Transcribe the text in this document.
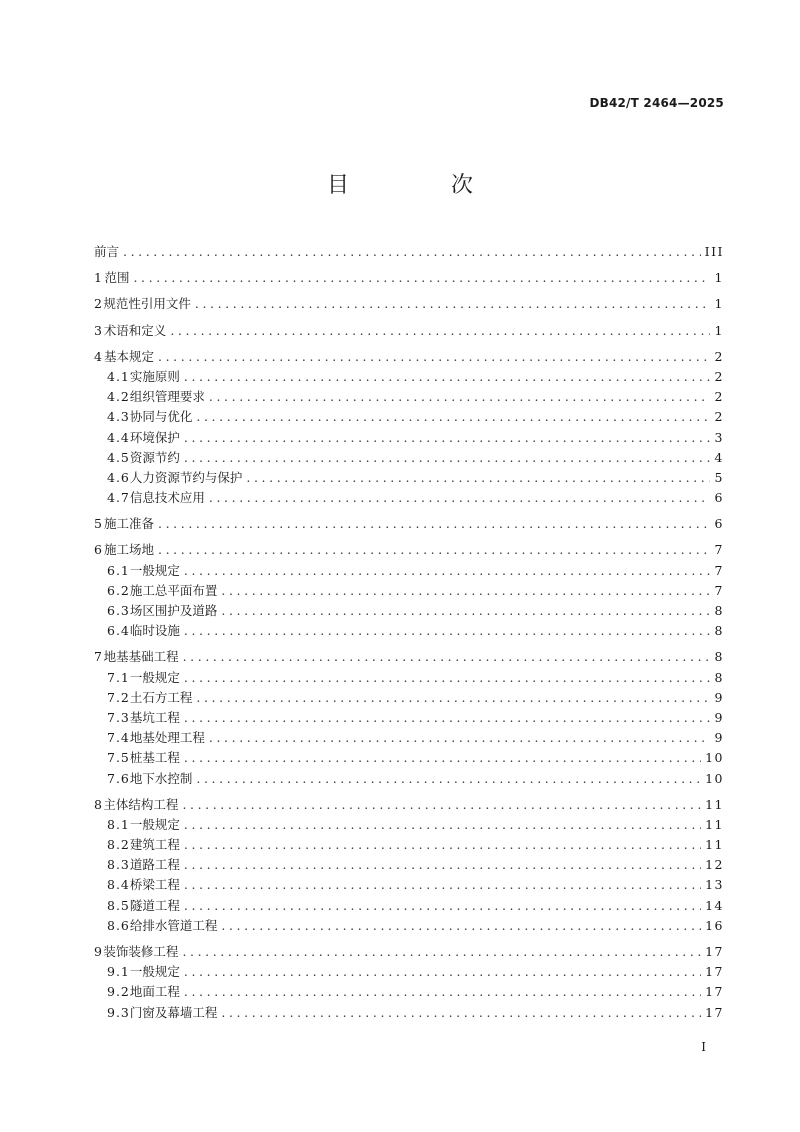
DB42/T 2464—2025
目　次
前言 .....	III
1 范围 .....	1
2 规范性引用文件 .....	1
3 术语和定义 .....	1
4 基本规定 .....	2
4.1 实施原则 .....	2
4.2 组织管理要求 .....	2
4.3 协同与优化 .....	2
4.4 环境保护 .....	3
4.5 资源节约 .....	4
4.6 人力资源节约与保护 .....	5
4.7 信息技术应用 .....	6
5 施工准备 .....	6
6 施工场地 .....	7
6.1 一般规定 .....	7
6.2 施工总平面布置 .....	7
6.3 场区围护及道路 .....	8
6.4 临时设施 .....	8
7 地基基础工程 .....	8
7.1 一般规定 .....	8
7.2 土石方工程 .....	9
7.3 基坑工程 .....	9
7.4 地基处理工程 .....	9
7.5 桩基工程 .....	10
7.6 地下水控制 .....	10
8 主体结构工程 .....	11
8.1 一般规定 .....	11
8.2 建筑工程 .....	11
8.3 道路工程 .....	12
8.4 桥梁工程 .....	13
8.5 隧道工程 .....	14
8.6 给排水管道工程 .....	16
9 装饰装修工程 .....	17
9.1 一般规定 .....	17
9.2 地面工程 .....	17
9.3 门窗及幕墙工程 .....	17
I
